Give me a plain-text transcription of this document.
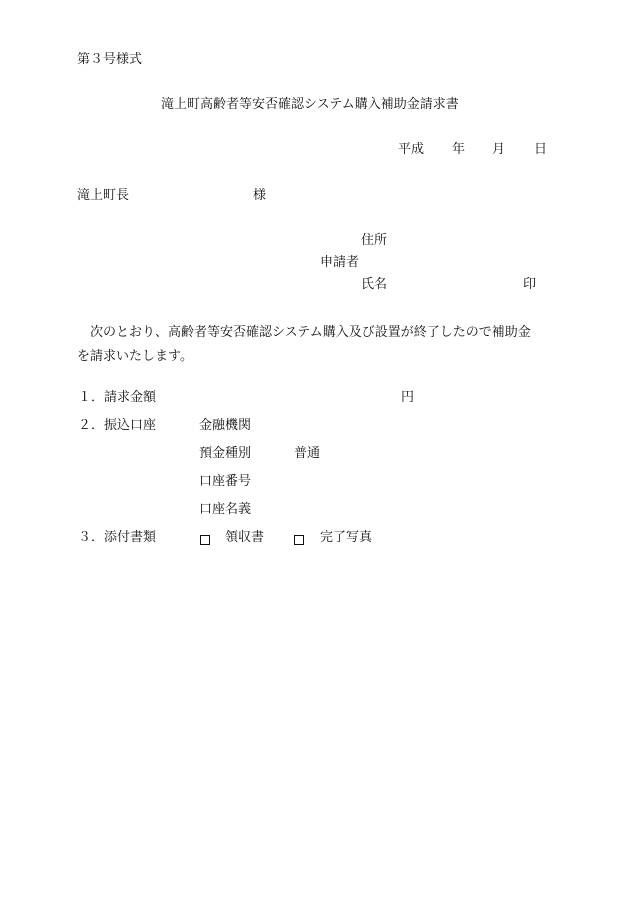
第３号様式
滝上町高齢者等安否確認システム購入補助金請求書
平成 年 月 日
滝上町長	様
住所
申請者
氏名	印
次のとおり、高齢者等安否確認システム購入及び設置が終了したので補助金
を請求いたします。
１． 請求金額	円
２． 振込口座	金融機関
預金種別	普通
口座番号
口座名義
３． 添付書類	領収書	完了写真
